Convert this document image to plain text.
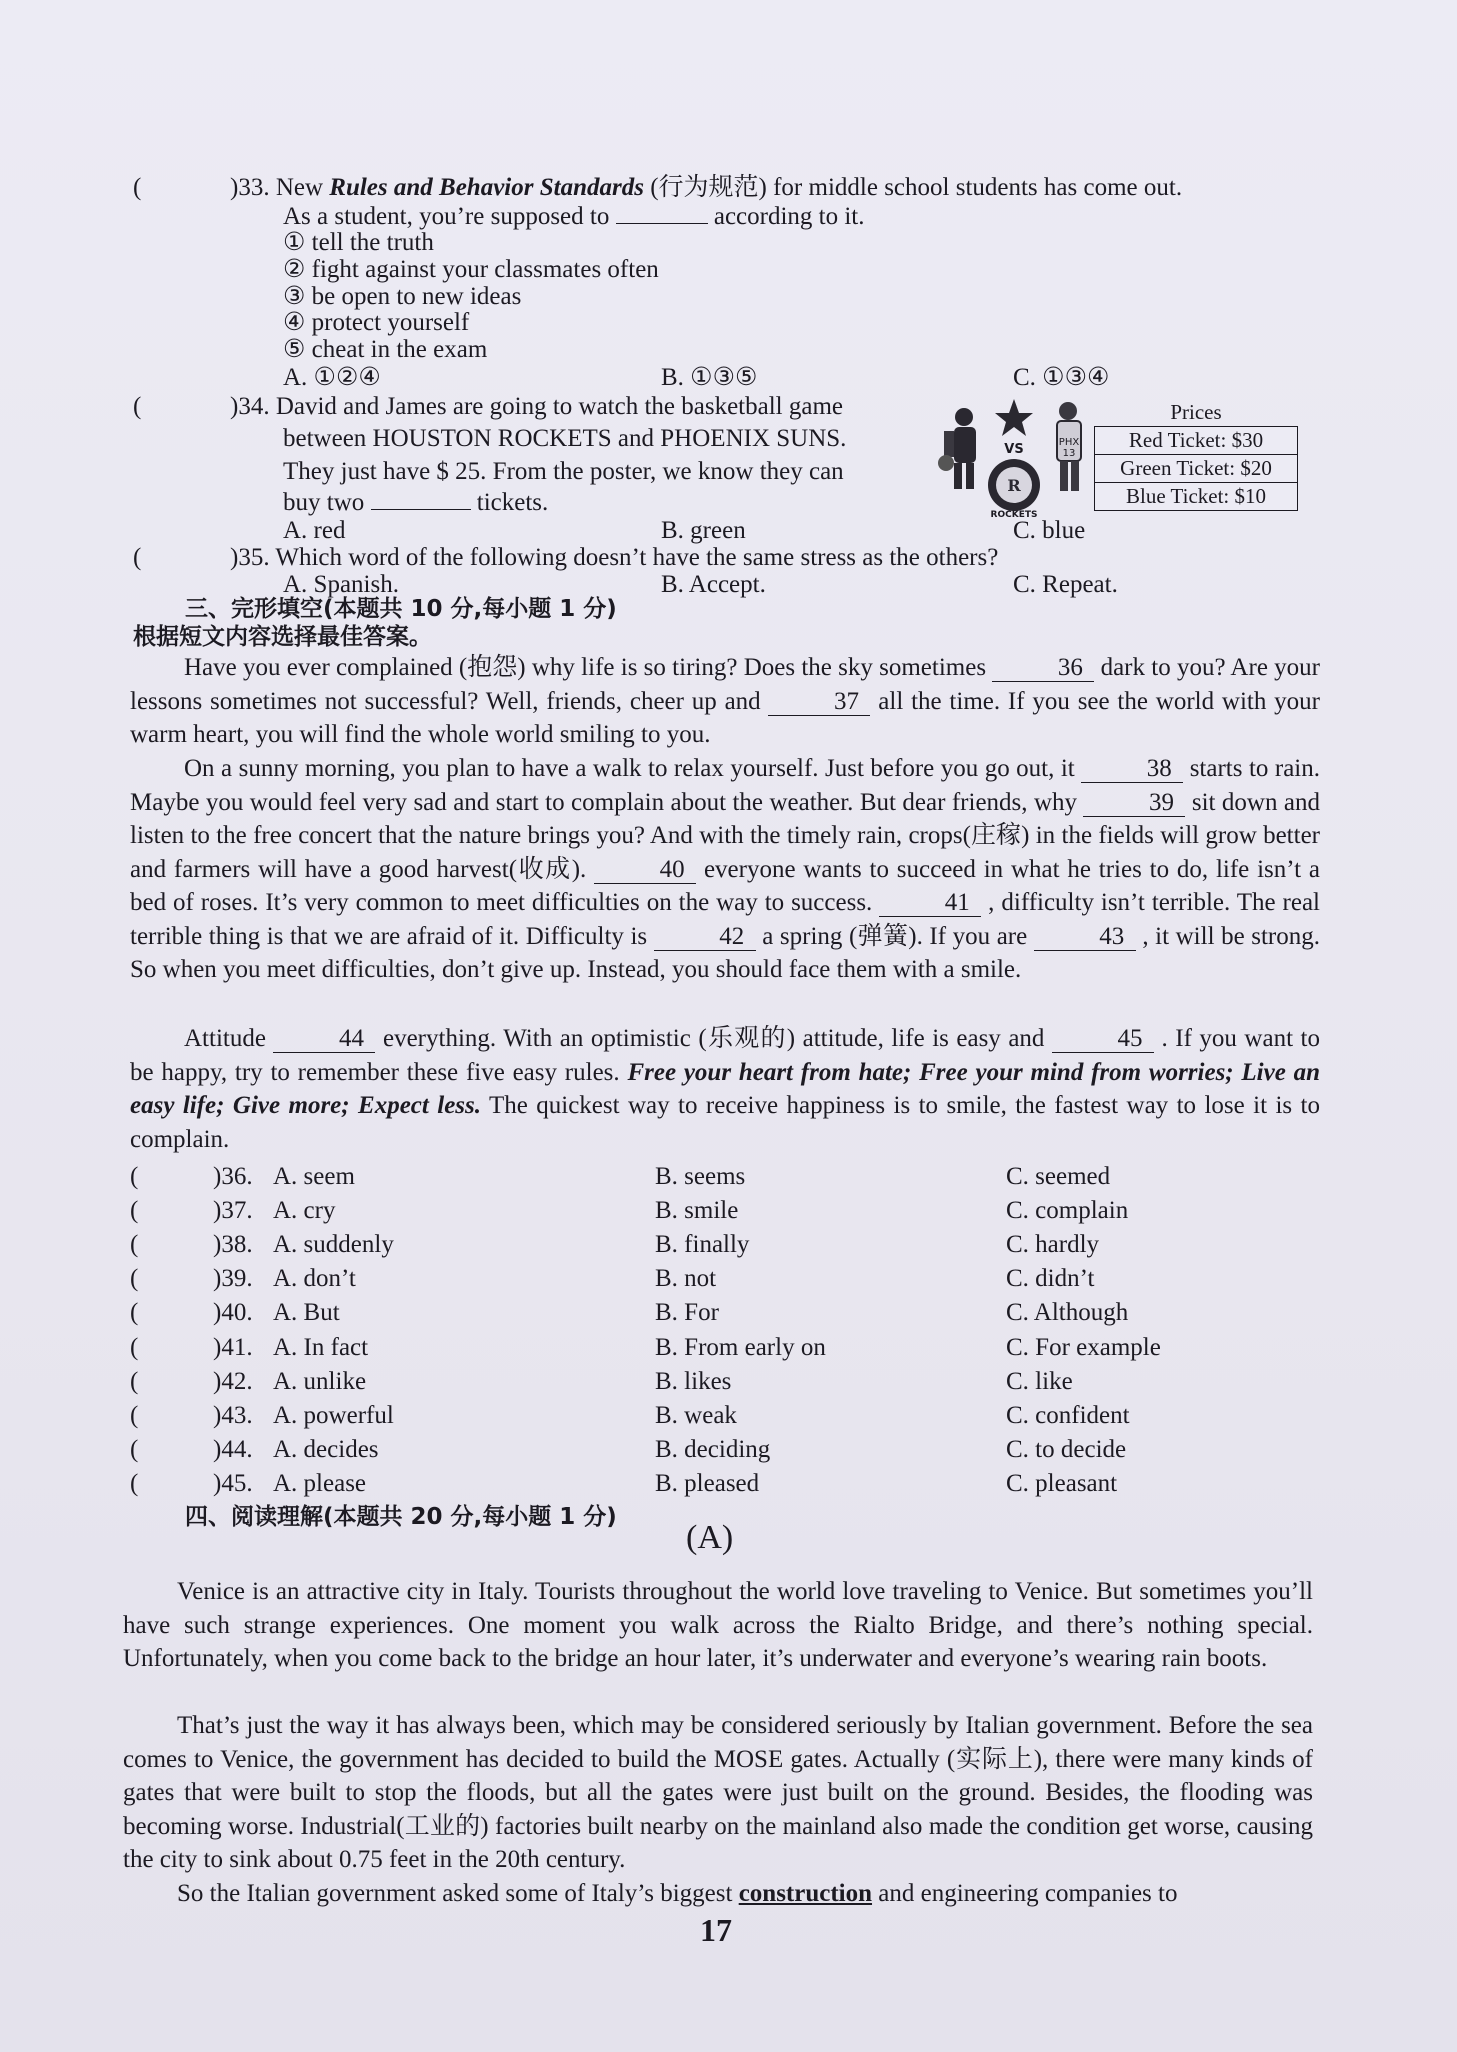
(	)33. New Rules and Behavior Standards (行为规范) for middle school students has come out.
As a student, you’re supposed to	according to it.
① tell the truth
② fight against your classmates often
③ be open to new ideas
④ protect yourself
⑤ cheat in the exam
A. ①②④	B. ①③⑤	C. ①③④
(	)34. David and James are going to watch the basketball game
between HOUSTON ROCKETS and PHOENIX SUNS.
They just have $ 25. From the poster, we know they can
buy two	tickets.
PHX
13
VS
R
ROCKETS
Prices
Red Ticket: $30
Green Ticket: $20
Blue Ticket: $10
A. red	B. green	C. blue
(	)35. Which word of the following doesn’t have the same stress as the others?
A. Spanish.	B. Accept.	C. Repeat.
三、完形填空(本题共 10 分,每小题 1 分)
根据短文内容选择最佳答案。
Have you ever complained (抱怨) why life is so tiring? Does the sky sometimes	36 dark to you? Are your lessons sometimes not successful? Well, friends, cheer up and	37 all the time. If you see the world with your warm heart, you will find the whole world smiling to you.
On a sunny morning, you plan to have a walk to relax yourself. Just before you go out, it	38 starts to rain. Maybe you would feel very sad and start to complain about the weather. But dear friends, why	39 sit down and listen to the free concert that the nature brings you? And with the timely rain, crops(庄稼) in the fields will grow better and farmers will have a good harvest(收成).	40 everyone wants to succeed in what he tries to do, life isn’t a bed of roses. It’s very common to meet difficulties on the way to success.	41 , difficulty isn’t terrible. The real terrible thing is that we are afraid of it. Difficulty is	42 a spring (弹簧). If you are	43 , it will be strong. So when you meet difficulties, don’t give up. Instead, you should face them with a smile.
Attitude	44 everything. With an optimistic (乐观的) attitude, life is easy and	45 . If you want to be happy, try to remember these five easy rules. Free your heart from hate; Free your mind from worries; Live an easy life; Give more; Expect less. The quickest way to receive happiness is to smile, the fastest way to lose it is to complain.
(	)36. A. seem	B. seems	C. seemed
(	)37. A. cry	B. smile	C. complain
(	)38. A. suddenly	B. finally	C. hardly
(	)39. A. don’t	B. not	C. didn’t
(	)40. A. But	B. For	C. Although
(	)41. A. In fact	B. From early on	C. For example
(	)42. A. unlike	B. likes	C. like
(	)43. A. powerful	B. weak	C. confident
(	)44. A. decides	B. deciding	C. to decide
(	)45. A. please	B. pleased	C. pleasant
四、阅读理解(本题共 20 分,每小题 1 分)
(A)
Venice is an attractive city in Italy. Tourists throughout the world love traveling to Venice. But sometimes you’ll have such strange experiences. One moment you walk across the Rialto Bridge, and there’s nothing special. Unfortunately, when you come back to the bridge an hour later, it’s underwater and everyone’s wearing rain boots.
That’s just the way it has always been, which may be considered seriously by Italian government. Before the sea comes to Venice, the government has decided to build the MOSE gates. Actually (实际上), there were many kinds of gates that were built to stop the floods, but all the gates were just built on the ground. Besides, the flooding was becoming worse. Industrial(工业的) factories built nearby on the mainland also made the condition get worse, causing the city to sink about 0.75 feet in the 20th century.
So the Italian government asked some of Italy’s biggest construction and engineering companies to
17
